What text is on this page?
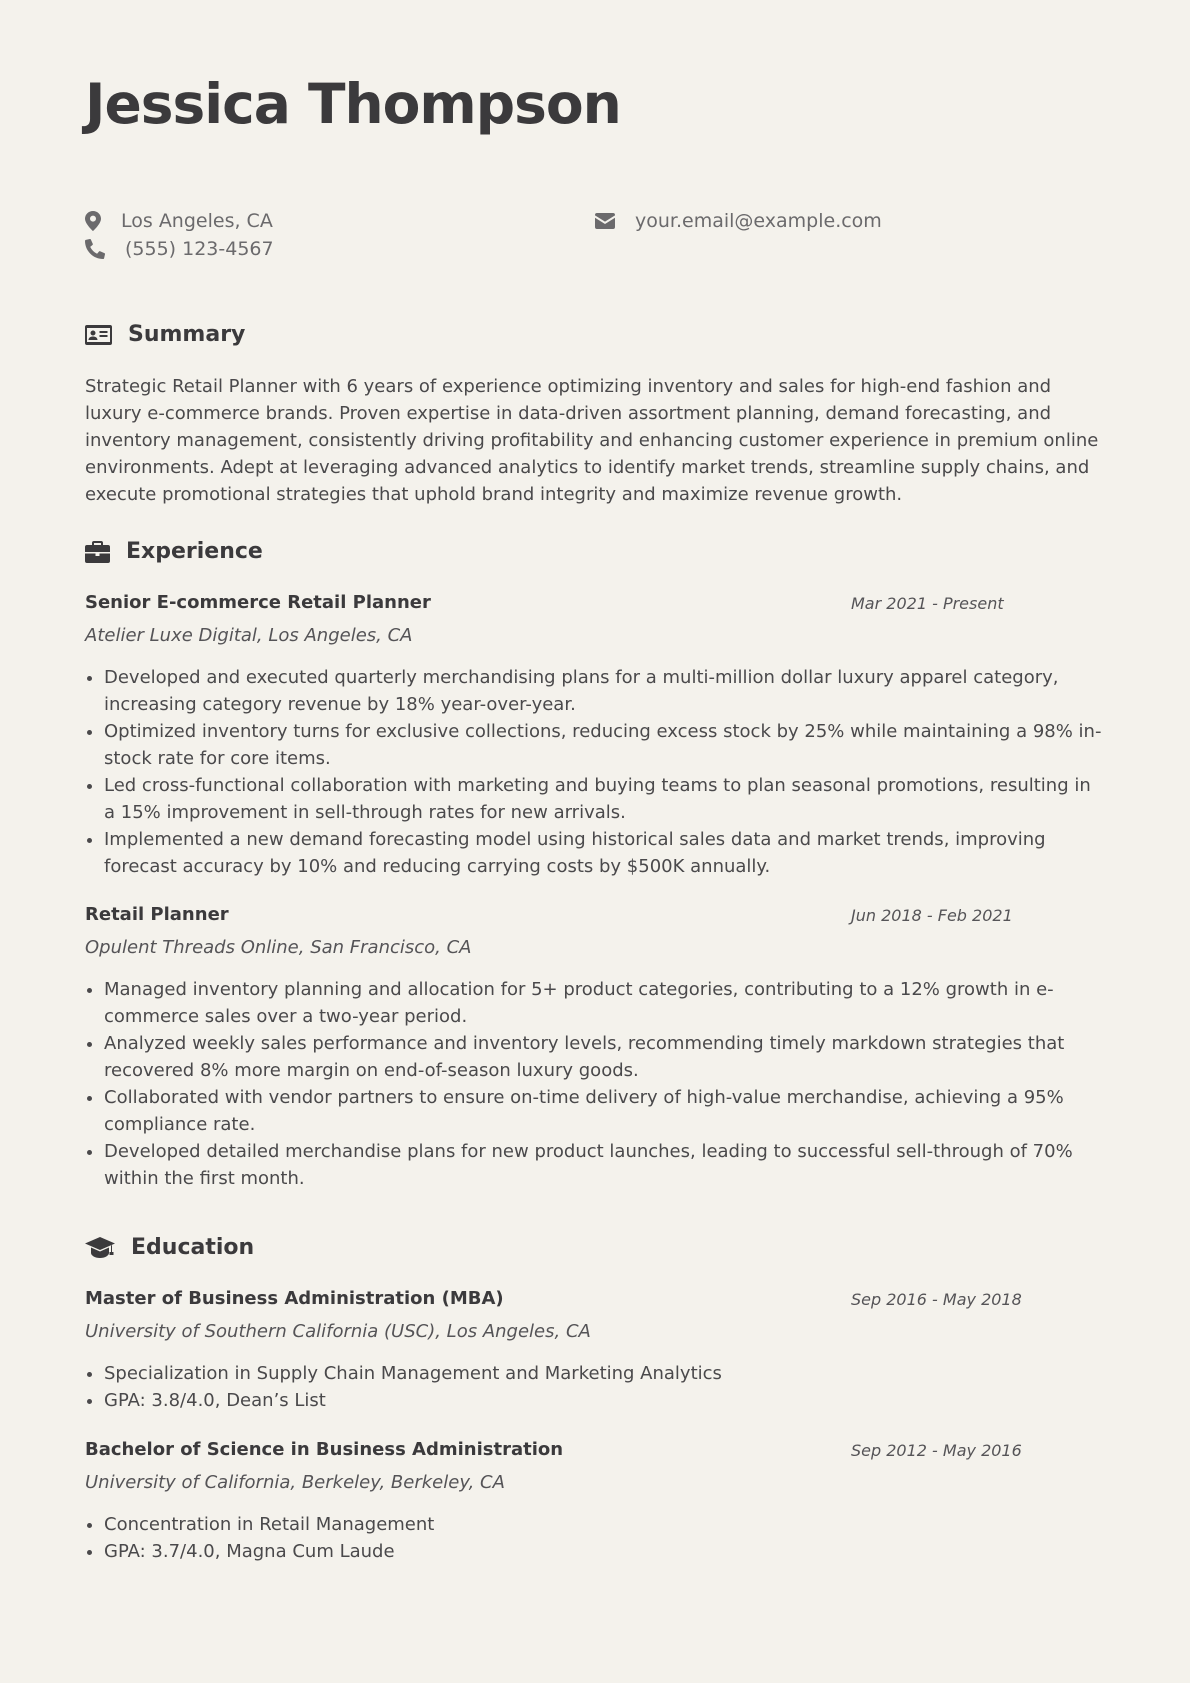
Jessica Thompson
Los Angeles, CA
(555) 123-4567
your.email@example.com
Summary

Strategic Retail Planner with 6 years of experience optimizing inventory and sales for high-end fashion and luxury e-commerce brands. Proven expertise in data-driven assortment planning, demand forecasting, and inventory management, consistently driving profitability and enhancing customer experience in premium online environments. Adept at leveraging advanced analytics to identify market trends, streamline supply chains, and execute promotional strategies that uphold brand integrity and maximize revenue growth.

Experience
Senior E-commerce Retail Planner	Mar 2021 - Present
Atelier Luxe Digital, Los Angeles, CA
• Developed and executed quarterly merchandising plans for a multi-million dollar luxury apparel category, increasing category revenue by 18% year-over-year.
• Optimized inventory turns for exclusive collections, reducing excess stock by 25% while maintaining a 98% in-stock rate for core items.
• Led cross-functional collaboration with marketing and buying teams to plan seasonal promotions, resulting in a 15% improvement in sell-through rates for new arrivals.
• Implemented a new demand forecasting model using historical sales data and market trends, improving forecast accuracy by 10% and reducing carrying costs by $500K annually.
Retail Planner	Jun 2018 - Feb 2021
Opulent Threads Online, San Francisco, CA
• Managed inventory planning and allocation for 5+ product categories, contributing to a 12% growth in e-commerce sales over a two-year period.
• Analyzed weekly sales performance and inventory levels, recommending timely markdown strategies that recovered 8% more margin on end-of-season luxury goods.
• Collaborated with vendor partners to ensure on-time delivery of high-value merchandise, achieving a 95% compliance rate.
• Developed detailed merchandise plans for new product launches, leading to successful sell-through of 70% within the first month.
Education
Master of Business Administration (MBA)	Sep 2016 - May 2018
University of Southern California (USC), Los Angeles, CA
• Specialization in Supply Chain Management and Marketing Analytics
• GPA: 3.8/4.0, Dean’s List
Bachelor of Science in Business Administration	Sep 2012 - May 2016
University of California, Berkeley, Berkeley, CA
• Concentration in Retail Management
• GPA: 3.7/4.0, Magna Cum Laude
